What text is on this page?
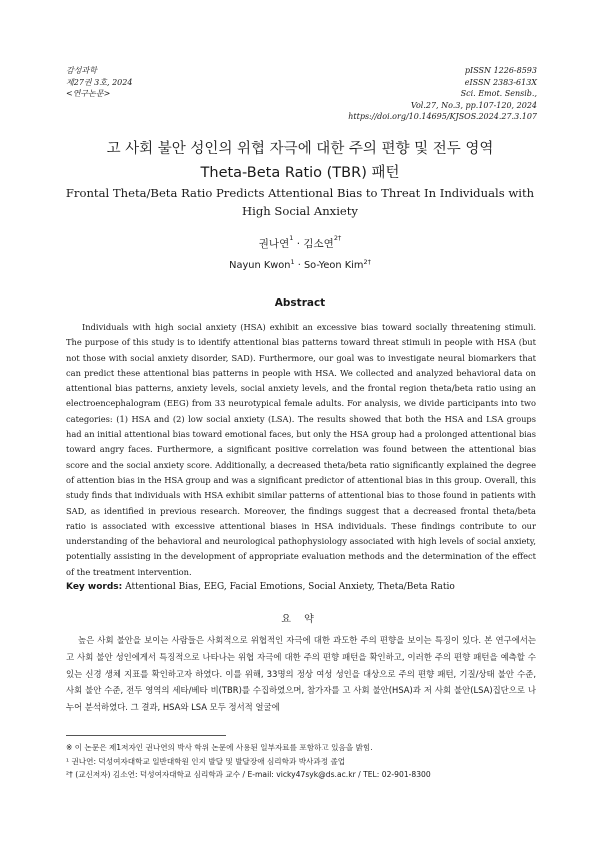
감성과학
제27권 3호, 2024
<연구논문>
pISSN 1226-8593
eISSN 2383-613X
Sci. Emot. Sensib.,
Vol.27, No.3, pp.107-120, 2024
https://doi.org/10.14695/KJSOS.2024.27.3.107
고 사회 불안 성인의 위협 자극에 대한 주의 편향 및 전두 영역
Theta-Beta Ratio (TBR) 패턴
Frontal Theta/Beta Ratio Predicts Attentional Bias to Threat In Individuals with High Social Anxiety
권나연$^1$ · 김소연$^{2\dagger}$
Nayun Kwon$^1$ · So-Yeon Kim$^{2\dagger}$
Abstract

Individuals with high social anxiety (HSA) exhibit an excessive bias toward socially threatening stimuli. The purpose of this study is to identify attentional bias patterns toward threat stimuli in people with HSA (but not those with social anxiety disorder, SAD). Furthermore, our goal was to investigate neural biomarkers that can predict these attentional bias patterns in people with HSA. We collected and analyzed behavioral data on attentional bias patterns, anxiety levels, social anxiety levels, and the frontal region theta/beta ratio using an electroencephalogram (EEG) from 33 neurotypical female adults. For analysis, we divide participants into two categories: (1) HSA and (2) low social anxiety (LSA). The results showed that both the HSA and LSA groups had an initial attentional bias toward emotional faces, but only the HSA group had a prolonged attentional bias toward angry faces. Furthermore, a significant positive correlation was found between the attentional bias score and the social anxiety score. Additionally, a decreased theta/beta ratio significantly explained the degree of attention bias in the HSA group and was a significant predictor of attentional bias in this group. Overall, this study finds that individuals with HSA exhibit similar patterns of attentional bias to those found in patients with SAD, as identified in previous research. Moreover, the findings suggest that a decreased frontal theta/beta ratio is associated with excessive attentional biases in HSA individuals. These findings contribute to our understanding of the behavioral and neurological pathophysiology associated with high levels of social anxiety, potentially assisting in the development of appropriate evaluation methods and the determination of the effect of the treatment intervention.

Key words: Attentional Bias, EEG, Facial Emotions, Social Anxiety, Theta/Beta Ratio

요 약

높은 사회 불안을 보이는 사람들은 사회적으로 위협적인 자극에 대한 과도한 주의 편향을 보이는 특징이 있다. 본 연구에서는 고 사회 불안 성인에게서 특징적으로 나타나는 위협 자극에 대한 주의 편향 패턴을 확인하고, 이러한 주의 편향 패턴을 예측할 수 있는 신경 생체 지표를 확인하고자 하였다. 이를 위해, 33명의 정상 여성 성인을 대상으로 주의 편향 패턴, 기질/상태 불안 수준, 사회 불안 수준, 전두 영역의 세타/베타 비(TBR)를 수집하였으며, 참가자를 고 사회 불안(HSA)과 저 사회 불안(LSA)집단으로 나누어 분석하였다. 그 결과, HSA와 LSA 모두 정서적 얼굴에

※ 이 논문은 제1저자인 권나연의 박사 학위 논문에 사용된 일부자료를 포함하고 있음을 밝힘.

¹ 권나연: 덕성여자대학교 일반대학원 인지 발달 및 발달장애 심리학과 박사과정 졸업

²† (교신저자) 김소연: 덕성여자대학교 심리학과 교수 / E-mail: vicky47syk@ds.ac.kr / TEL: 02-901-8300
